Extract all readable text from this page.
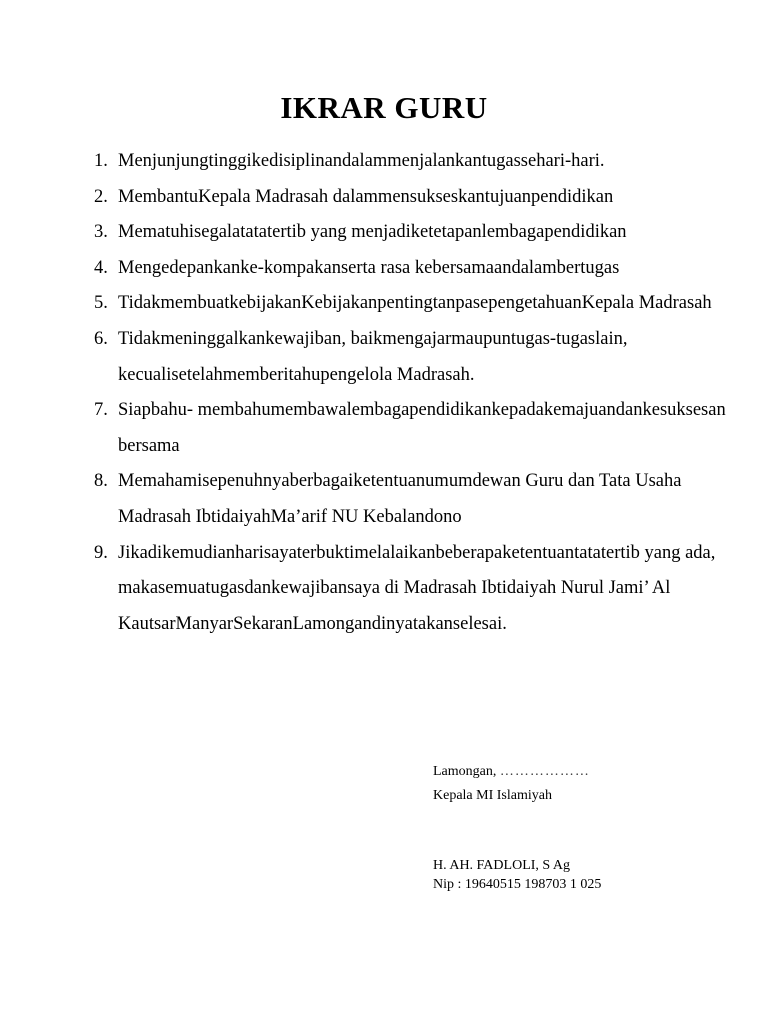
IKRAR GURU
1. Menjunjungtinggikedisiplinandalammenjalankantugassehari-hari.
2. MembantuKepala Madrasah dalammensukseskantujuanpendidikan
3. Mematuhisegalatatatertib yang menjadiketetapanlembagapendidikan
4. Mengedepankanke-kompakanserta rasa kebersamaandalambertugas
5. TidakmembuatkebijakanKebijakanpentingtanpasepengetahuanKepala Madrasah
6. Tidakmeninggalkankewajiban, baikmengajarmaupuntugas-tugaslain, kecualisetelahmemberitahupengelola Madrasah.
7. Siapbahu- membahumembawalembagapendidikankepadakemajuandankesuksesan bersama
8. Memahamisepenuhnyaberbagaiketentuanumumdewan Guru dan Tata Usaha Madrasah IbtidaiyahMa’arif NU Kebalandono
9. Jikadikemudianharisayaterbuktimelalaikanbeberapaketentuantatatertib yang ada, makasemuatugasdankewajibansaya di Madrasah Ibtidaiyah Nurul Jami’ Al KautsarManyarSekaranLamongandinyatakanselesai.
Lamongan, ………………
Kepala MI Islamiyah
H. AH. FADLOLI, S Ag
Nip : 19640515 198703 1 025
